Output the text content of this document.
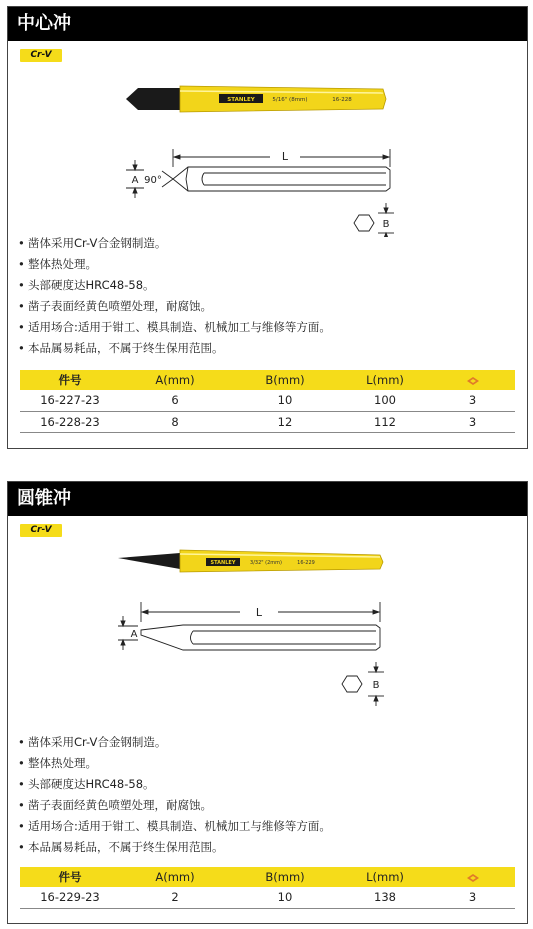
中心冲
Cr-V
STANLEY	5/16" (8mm)	16-228
L
A 90°
B
• 凿体采用Cr-V合金钢制造。
• 整体热处理。
• 头部硬度达HRC48-58。
• 凿子表面经黄色喷塑处理，耐腐蚀。
• 适用场合:适用于钳工、模具制造、机械加工与维修等方面。
• 本品属易耗品，不属于终生保用范围。
件号	A(mm)	B(mm)	L(mm)	
16-227-23	6	10	100	3
16-228-23	8	12	112	3
圆锥冲
Cr-V
STANLEY	3/32" (2mm)	16-229
L
A
B
• 凿体采用Cr-V合金钢制造。
• 整体热处理。
• 头部硬度达HRC48-58。
• 凿子表面经黄色喷塑处理，耐腐蚀。
• 适用场合:适用于钳工、模具制造、机械加工与维修等方面。
• 本品属易耗品，不属于终生保用范围。
件号	A(mm)	B(mm)	L(mm)	
16-229-23	2	10	138	3
